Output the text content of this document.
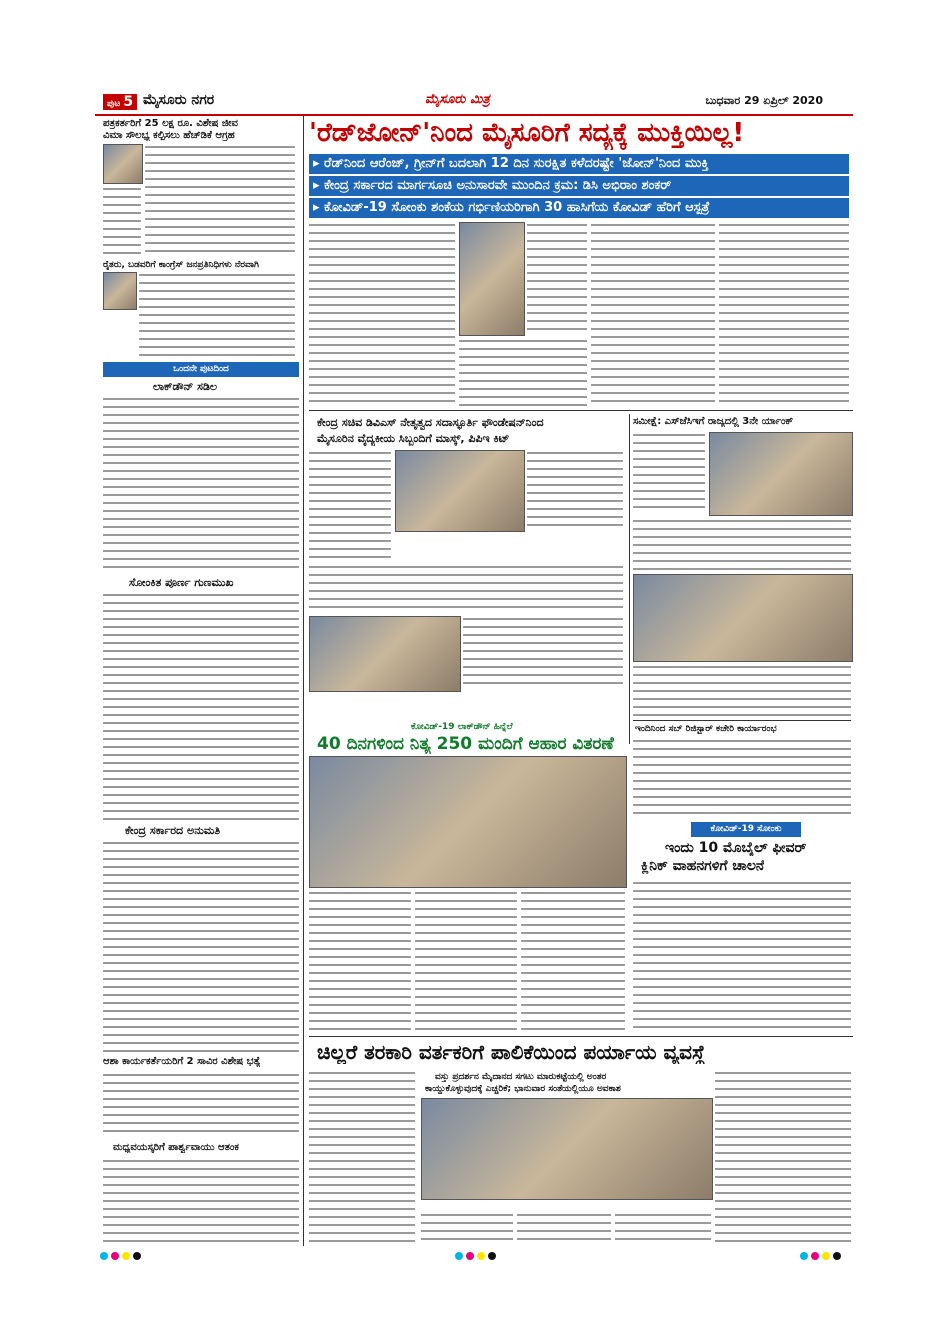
ಪುಟ 5 ಮೈಸೂರು ನಗರ	ಮೈಸೂರು ಮಿತ್ರ	ಬುಧವಾರ 29 ಏಪ್ರಿಲ್ 2020
ಪತ್ರಕರ್ತರಿಗೆ 25 ಲಕ್ಷ ರೂ. ವಿಶೇಷ ಜೀವ
ವಿಮಾ ಸೌಲಭ್ಯ ಕಲ್ಪಿಸಲು ಹೆಚ್‌ಡಿಕೆ ಆಗ್ರಹ
ರೈತರು, ಬಡವರಿಗೆ ಕಾಂಗ್ರೆಸ್ ಜನಪ್ರತಿನಿಧಿಗಳು ನೆರವಾಗಿ
ಒಂದನೇ ಪುಟದಿಂದ
ಲಾಕ್‌ಡೌನ್ ಸಡಿಲ
ಸೋಂಕಿತ ಪೂರ್ಣ ಗುಣಮುಖ
ಕೇಂದ್ರ ಸರ್ಕಾರದ ಅನುಮತಿ
ಆಶಾ ಕಾರ್ಯಕರ್ತೆಯರಿಗೆ 2 ಸಾವಿರ ವಿಶೇಷ ಭತ್ಯೆ
ಮಧ್ಯವಯಸ್ಕರಿಗೆ ಪಾರ್ಶ್ವವಾಯು ಆತಂಕ
'ರೆಡ್‌ಜೋನ್'ನಿಂದ ಮೈಸೂರಿಗೆ ಸದ್ಯಕ್ಕೆ ಮುಕ್ತಿಯಿಲ್ಲ!
▸ ರೆಡ್‌ನಿಂದ ಆರೆಂಜ್, ಗ್ರೀನ್‌ಗೆ ಬದಲಾಗಿ 12 ದಿನ ಸುರಕ್ಷಿತ ಕಳೆದರಷ್ಟೇ 'ಜೋನ್'ನಿಂದ ಮುಕ್ತಿ
▸ ಕೇಂದ್ರ ಸರ್ಕಾರದ ಮಾರ್ಗಸೂಚಿ ಅನುಸಾರವೇ ಮುಂದಿನ ಕ್ರಮ: ಡಿಸಿ ಅಭಿರಾಂ ಶಂಕರ್
▸ ಕೋವಿಡ್-19 ಸೋಂಕು ಶಂಕೆಯ ಗರ್ಭಿಣಿಯರಿಗಾಗಿ 30 ಹಾಸಿಗೆಯ ಕೋವಿಡ್ ಹೆರಿಗೆ ಆಸ್ಪತ್ರೆ
ಕೇಂದ್ರ ಸಚಿವ ಡಿವಿಎಸ್ ನೇತೃತ್ವದ ಸದಾಸ್ಫೂರ್ತಿ ಫೌಂಡೇಷನ್‌ನಿಂದ
ಮೈಸೂರಿನ ವೈದ್ಯಕೀಯ ಸಿಬ್ಬಂದಿಗೆ ಮಾಸ್ಕ್, ಪಿಪಿಇ ಕಿಟ್
ಸಮೀಕ್ಷೆ: ಎಸ್‌ಜೆಸಿಇಗೆ ರಾಜ್ಯದಲ್ಲಿ 3ನೇ ರ್ಯಾಂಕ್
ಇಂದಿನಿಂದ ಸಬ್ ರಿಜಿಸ್ಟ್ರಾರ್ ಕಚೇರಿ ಕಾರ್ಯಾರಂಭ
ಕೋವಿಡ್-19 ಲಾಕ್‌ಡೌನ್ ಹಿನ್ನೆಲೆ
40 ದಿನಗಳಿಂದ ನಿತ್ಯ 250 ಮಂದಿಗೆ ಆಹಾರ ವಿತರಣೆ
ಕೋವಿಡ್-19 ಸೋಂಕು
ಇಂದು 10 ಮೊಬೈಲ್ ಫೀವರ್
ಕ್ಲಿನಿಕ್ ವಾಹನಗಳಿಗೆ ಚಾಲನೆ
ಚಿಲ್ಲರೆ ತರಕಾರಿ ವರ್ತಕರಿಗೆ ಪಾಲಿಕೆಯಿಂದ ಪರ್ಯಾಯ ವ್ಯವಸ್ಥೆ
ವಸ್ತು ಪ್ರದರ್ಶನ ಮೈದಾನದ ಸಗಟು ಮಾರುಕಟ್ಟೆಯಲ್ಲಿ ಅಂತರ
ಕಾಯ್ದುಕೊಳ್ಳುವುದಕ್ಕೆ ಎಚ್ಚರಿಕೆ; ಭಾನುವಾರ ಸಂತೆಯಲ್ಲಿಯೂ ಅವಕಾಶ
